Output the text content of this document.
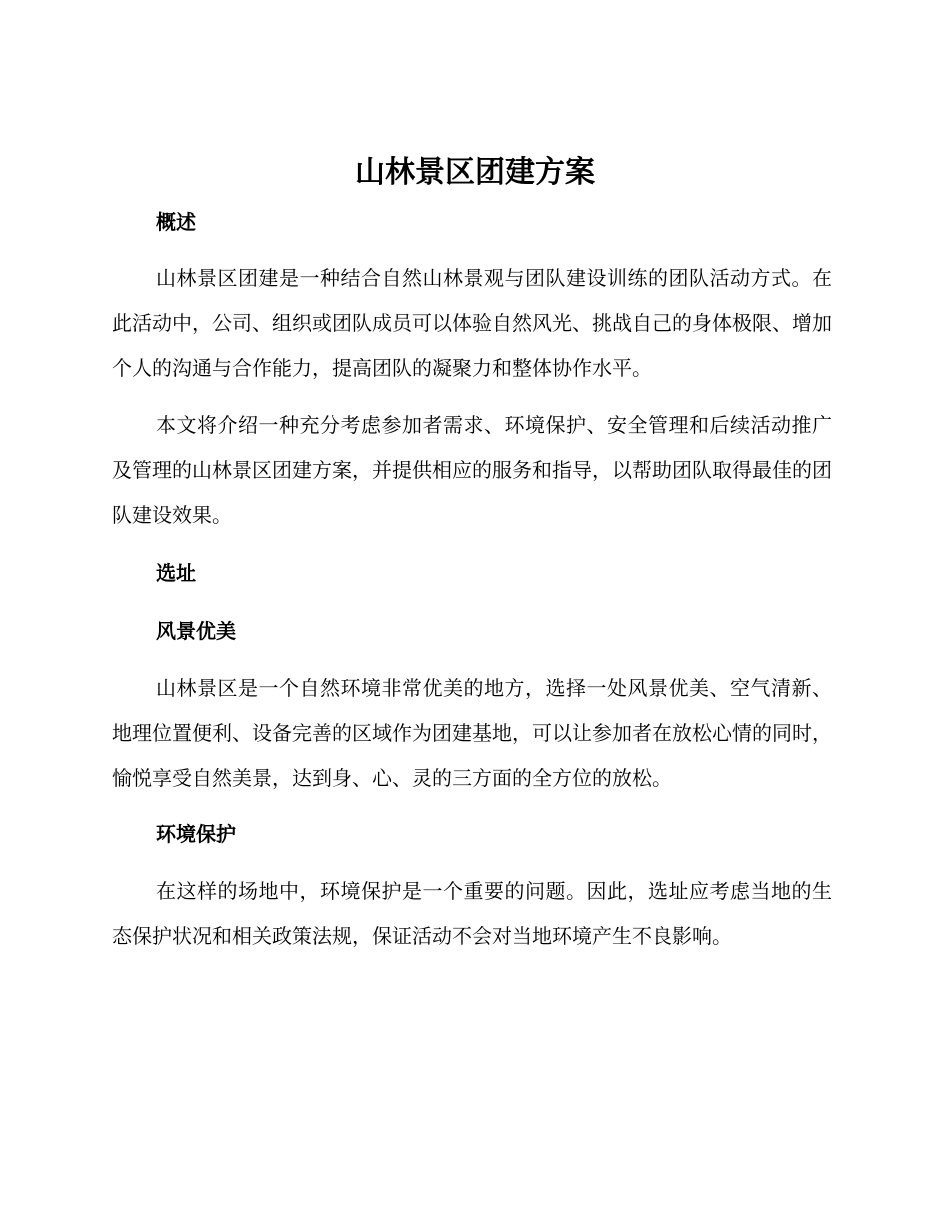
山林景区团建方案
概述

山林景区团建是一种结合自然山林景观与团队建设训练的团队活动方式。在此活动中，公司、组织或团队成员可以体验自然风光、挑战自己的身体极限、增加个人的沟通与合作能力，提高团队的凝聚力和整体协作水平。

本文将介绍一种充分考虑参加者需求、环境保护、安全管理和后续活动推广及管理的山林景区团建方案，并提供相应的服务和指导，以帮助团队取得最佳的团队建设效果。

选址
风景优美

山林景区是一个自然环境非常优美的地方，选择一处风景优美、空气清新、地理位置便利、设备完善的区域作为团建基地，可以让参加者在放松心情的同时，愉悦享受自然美景，达到身、心、灵的三方面的全方位的放松。

环境保护

在这样的场地中，环境保护是一个重要的问题。因此，选址应考虑当地的生态保护状况和相关政策法规，保证活动不会对当地环境产生不良影响。
